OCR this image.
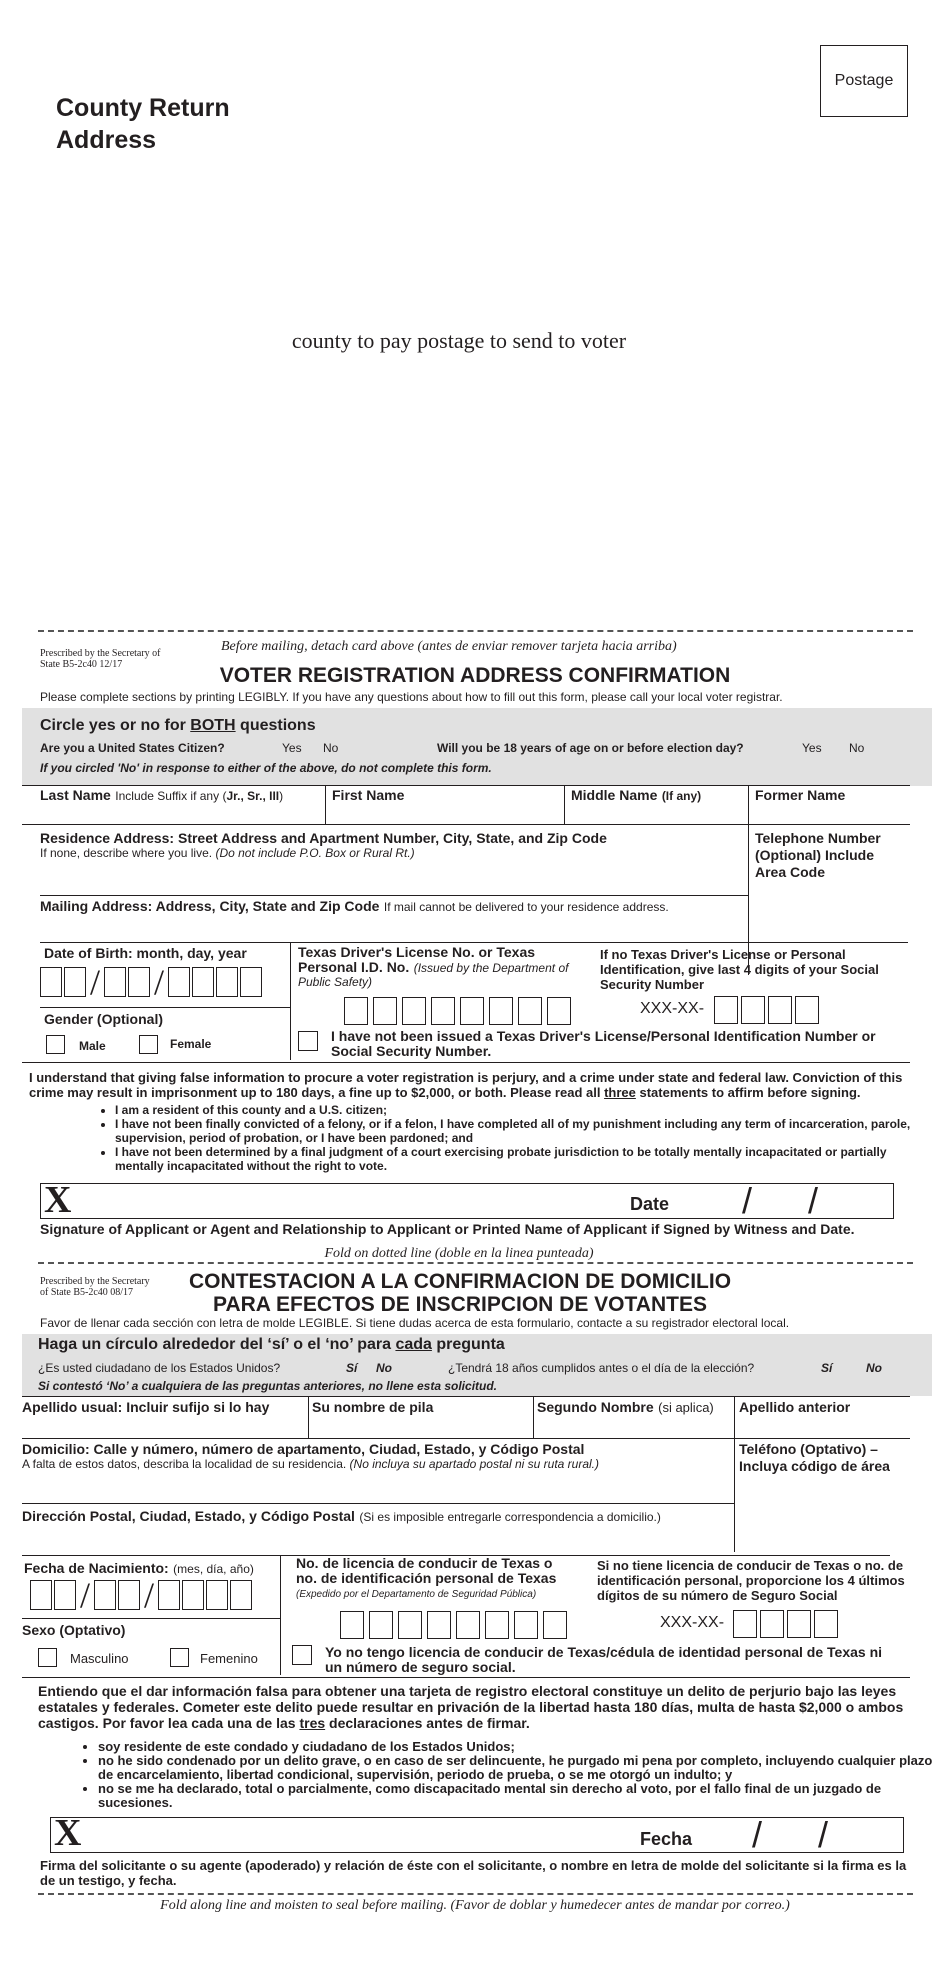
Postage
County Return Address
county to pay postage to send to voter
Before mailing, detach card above (antes de enviar remover tarjeta hacia arriba)
Prescribed by the Secretary of
State B5-2c40 12/17	VOTER REGISTRATION ADDRESS CONFIRMATION
Please complete sections by printing LEGIBLY. If you have any questions about how to fill out this form, please call your local voter registrar.
Circle yes or no for BOTH questions
Are you a United States Citizen?	Yes No	Will you be 18 years of age on or before election day?	Yes No
If you circled 'No' in response to either of the above, do not complete this form.
Last Name Include Suffix if any (Jr., Sr., III)	First Name	Middle Name (If any)	Former Name
Residence Address: Street Address and Apartment Number, City, State, and Zip Code
If none, describe where you live. (Do not include P.O. Box or Rural Rt.)
Telephone Number (Optional) Include Area Code
Mailing Address: Address, City, State and Zip Code If mail cannot be delivered to your residence address.
Date of Birth: month, day, year
/ /
Gender (Optional)
Male	Female
Texas Driver's License No. or Texas Personal I.D. No. (Issued by the Department of Public Safety)
If no Texas Driver's License or Personal Identification, give last 4 digits of your Social Security Number
XXX-XX-
I have not been issued a Texas Driver's License/Personal Identification Number or Social Security Number.
I understand that giving false information to procure a voter registration is perjury, and a crime under state and federal law. Conviction of this crime may result in imprisonment up to 180 days, a fine up to $2,000, or both. Please read all three statements to affirm before signing.
• I am a resident of this county and a U.S. citizen;
• I have not been finally convicted of a felony, or if a felon, I have completed all of my punishment including any term of incarceration, parole, supervision, period of probation, or I have been pardoned; and
• I have not been determined by a final judgment of a court exercising probate jurisdiction to be totally mentally incapacitated or partially mentally incapacitated without the right to vote.
X	Date / /
Signature of Applicant or Agent and Relationship to Applicant or Printed Name of Applicant if Signed by Witness and Date.
Fold on dotted line (doble en la linea punteada)
Prescribed by the Secretary
of State B5-2c40 08/17	CONTESTACION A LA CONFIRMACION DE DOMICILIO
PARA EFECTOS DE INSCRIPCION DE VOTANTES
Favor de llenar cada sección con letra de molde LEGIBLE. Si tiene dudas acerca de esta formulario, contacte a su registrador electoral local.
Haga un círculo alrededor del ‘sí’ o el ‘no’ para cada pregunta
¿Es usted ciudadano de los Estados Unidos?	Sí No	¿Tendrá 18 años cumplidos antes o el día de la elección?	Sí	No
Si contestó ‘No’ a cualquiera de las preguntas anteriores, no llene esta solicitud.
Apellido usual: Incluir sufijo si lo hay	Su nombre de pila	Segundo Nombre (si aplica)	Apellido anterior
Domicilio: Calle y número, número de apartamento, Ciudad, Estado, y Código Postal
A falta de estos datos, describa la localidad de su residencia. (No incluya su apartado postal ni su ruta rural.)
Teléfono (Optativo) – Incluya código de área
Dirección Postal, Ciudad, Estado, y Código Postal (Si es imposible entregarle correspondencia a domicilio.)
Fecha de Nacimiento: (mes, día, año)
/ /
Sexo (Optativo)
Masculino	Femenino
No. de licencia de conducir de Texas o no. de identificación personal de Texas (Expedido por el Departamento de Seguridad Pública)
Si no tiene licencia de conducir de Texas o no. de identificación personal, proporcione los 4 últimos dígitos de su número de Seguro Social
XXX-XX-
Yo no tengo licencia de conducir de Texas/cédula de identidad personal de Texas ni un número de seguro social.
Entiendo que el dar información falsa para obtener una tarjeta de registro electoral constituye un delito de perjurio bajo las leyes estatales y federales. Cometer este delito puede resultar en privación de la libertad hasta 180 días, multa de hasta $2,000 o ambos castigos. Por favor lea cada una de las tres declaraciones antes de firmar.
• soy residente de este condado y ciudadano de los Estados Unidos;
• no he sido condenado por un delito grave, o en caso de ser delincuente, he purgado mi pena por completo, incluyendo cualquier plazo de encarcelamiento, libertad condicional, supervisión, periodo de prueba, o se me otorgó un indulto; y
• no se me ha declarado, total o parcialmente, como discapacitado mental sin derecho al voto, por el fallo final de un juzgado de sucesiones.
X	Fecha / /
Firma del solicitante o su agente (apoderado) y relación de éste con el solicitante, o nombre en letra de molde del solicitante si la firma es la de un testigo, y fecha.
Fold along line and moisten to seal before mailing. (Favor de doblar y humedecer antes de mandar por correo.)
